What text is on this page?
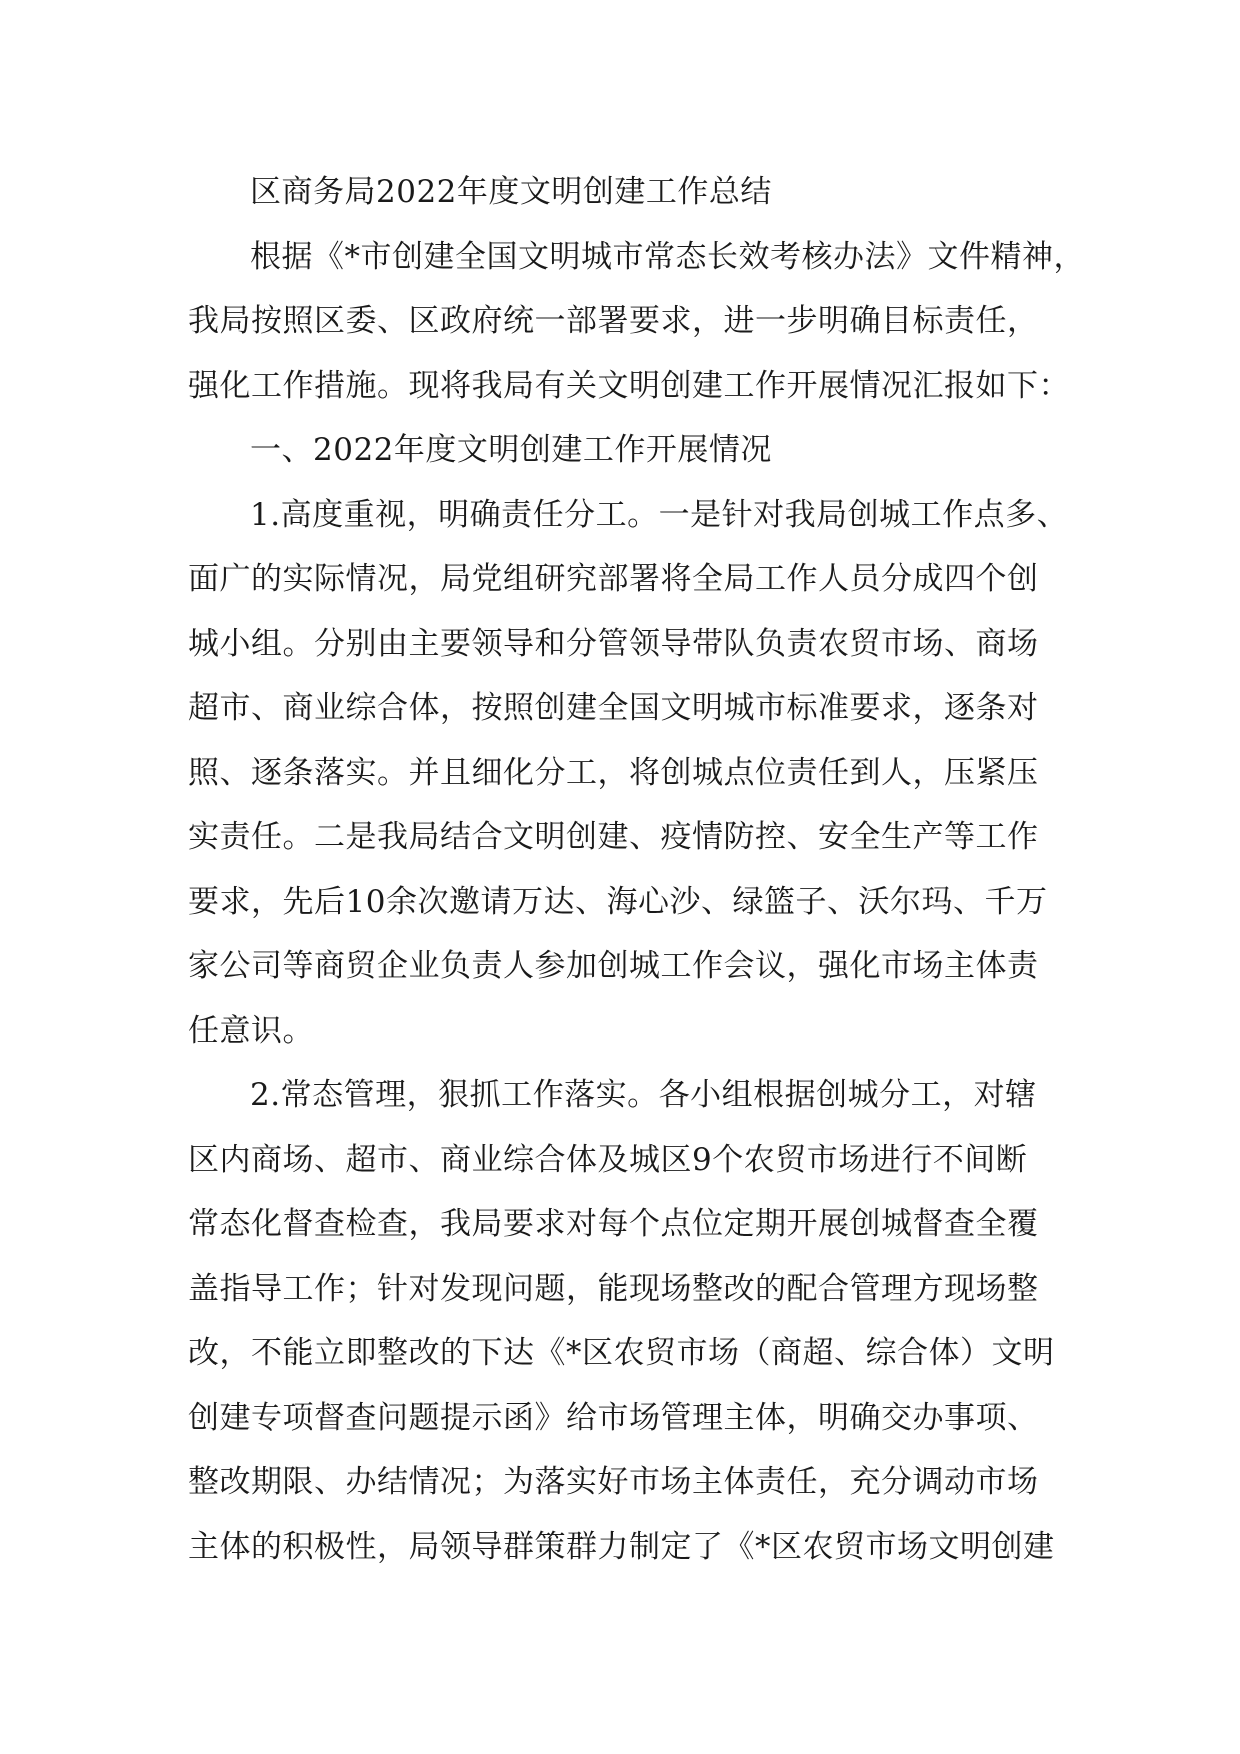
区商务局2022年度文明创建工作总结
根据《*市创建全国文明城市常态长效考核办法》文件精神，
我局按照区委、区政府统一部署要求，进一步明确目标责任，
强化工作措施。现将我局有关文明创建工作开展情况汇报如下：
一、2022年度文明创建工作开展情况
1.高度重视，明确责任分工。一是针对我局创城工作点多、
面广的实际情况，局党组研究部署将全局工作人员分成四个创
城小组。分别由主要领导和分管领导带队负责农贸市场、商场
超市、商业综合体，按照创建全国文明城市标准要求，逐条对
照、逐条落实。并且细化分工，将创城点位责任到人，压紧压
实责任。二是我局结合文明创建、疫情防控、安全生产等工作
要求，先后10余次邀请万达、海心沙、绿篮子、沃尔玛、千万
家公司等商贸企业负责人参加创城工作会议，强化市场主体责
任意识。
2.常态管理，狠抓工作落实。各小组根据创城分工，对辖
区内商场、超市、商业综合体及城区9个农贸市场进行不间断
常态化督查检查，我局要求对每个点位定期开展创城督查全覆
盖指导工作；针对发现问题，能现场整改的配合管理方现场整
改，不能立即整改的下达《*区农贸市场（商超、综合体）文明
创建专项督查问题提示函》给市场管理主体，明确交办事项、
整改期限、办结情况；为落实好市场主体责任，充分调动市场
主体的积极性，局领导群策群力制定了《*区农贸市场文明创建
